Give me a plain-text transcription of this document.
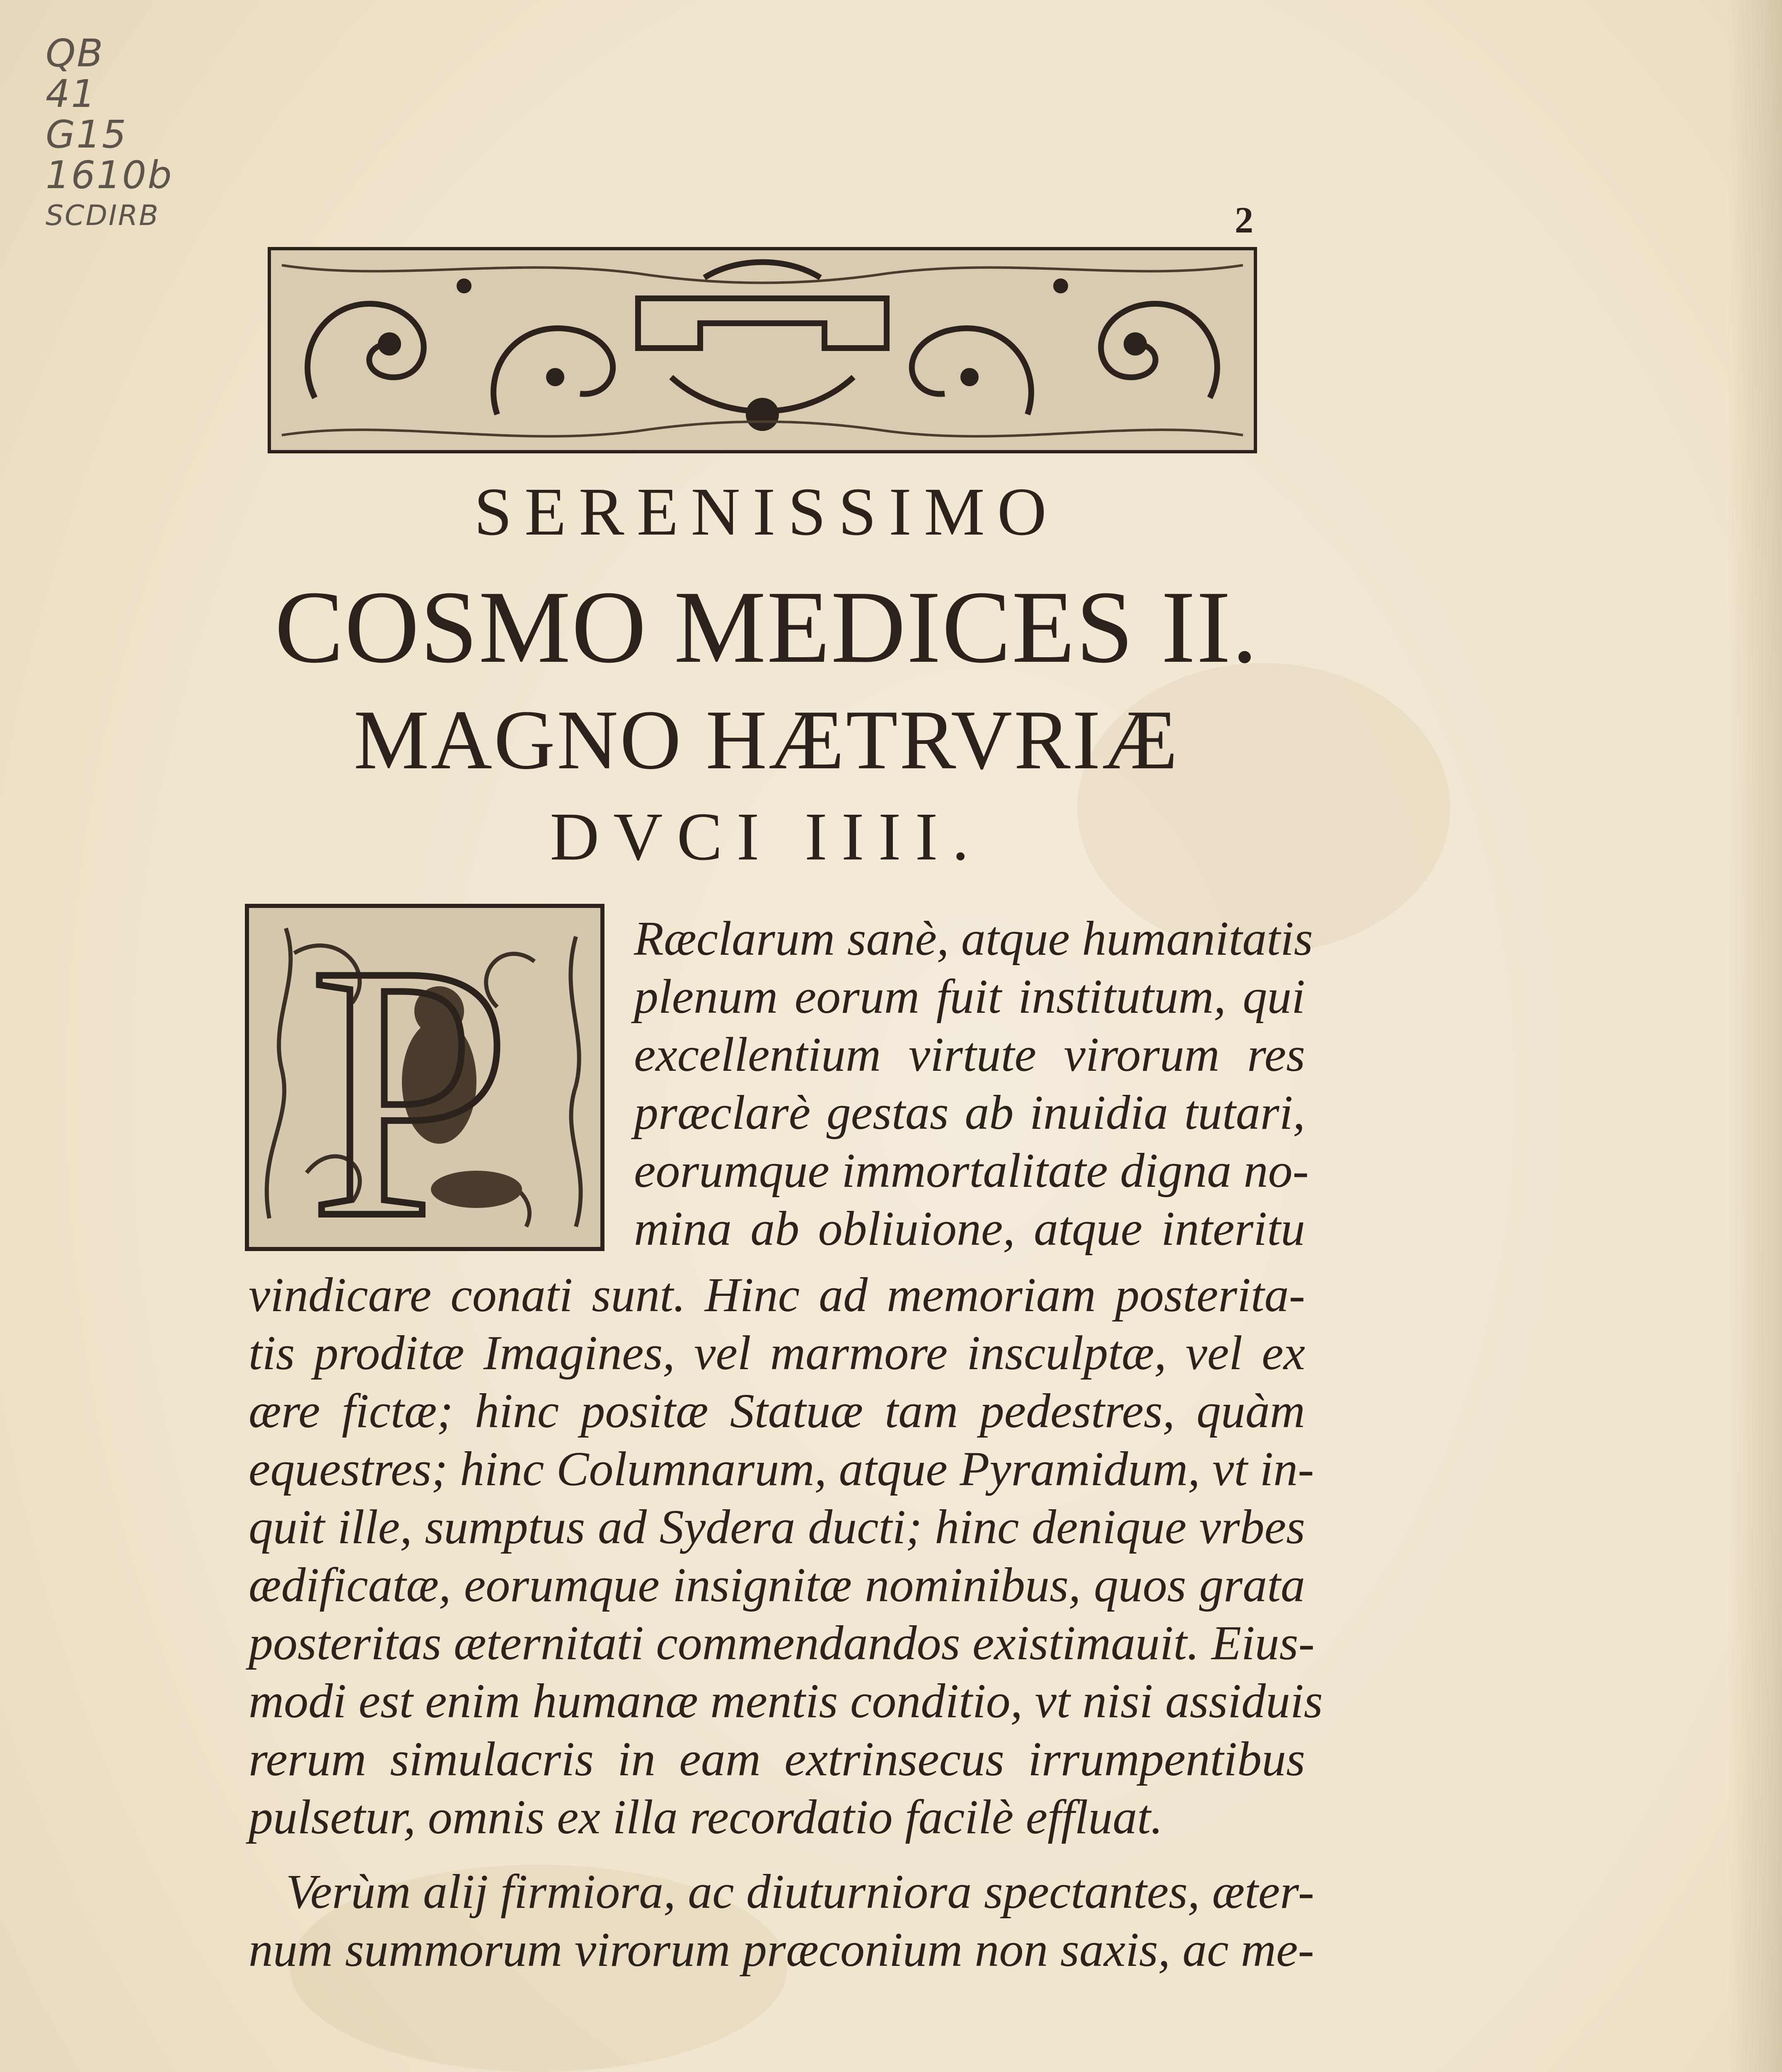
QB
41
G15
1610b
SCDIRB	2
SERENISSIMO
COSMO MEDICES II.
MAGNO HÆTRVRIÆ
DVCI IIII.
P	Ræclarum sanè, atque humanitatis

plenum eorum fuit institutum, qui

excellentium virtute virorum res

præclarè gestas ab inuidia tutari,

eorumque immortalitate digna no-

mina ab obliuione, atque interitu

vindicare conati sunt. Hinc ad memoriam posterita-

tis proditæ Imagines, vel marmore insculptæ, vel ex

ære fictæ; hinc positæ Statuæ tam pedestres, quàm

equestres; hinc Columnarum, atque Pyramidum, vt in-

quit ille, sumptus ad Sydera ducti; hinc denique vrbes

ædificatæ, eorumque insignitæ nominibus, quos grata

posteritas æternitati commendandos existimauit. Eius-

modi est enim humanæ mentis conditio, vt nisi assiduis

rerum simulacris in eam extrinsecus irrumpentibus

pulsetur, omnis ex illa recordatio facilè effluat.

Verùm alij firmiora, ac diuturniora spectantes, æter-

num summorum virorum præconium non saxis, ac me-
